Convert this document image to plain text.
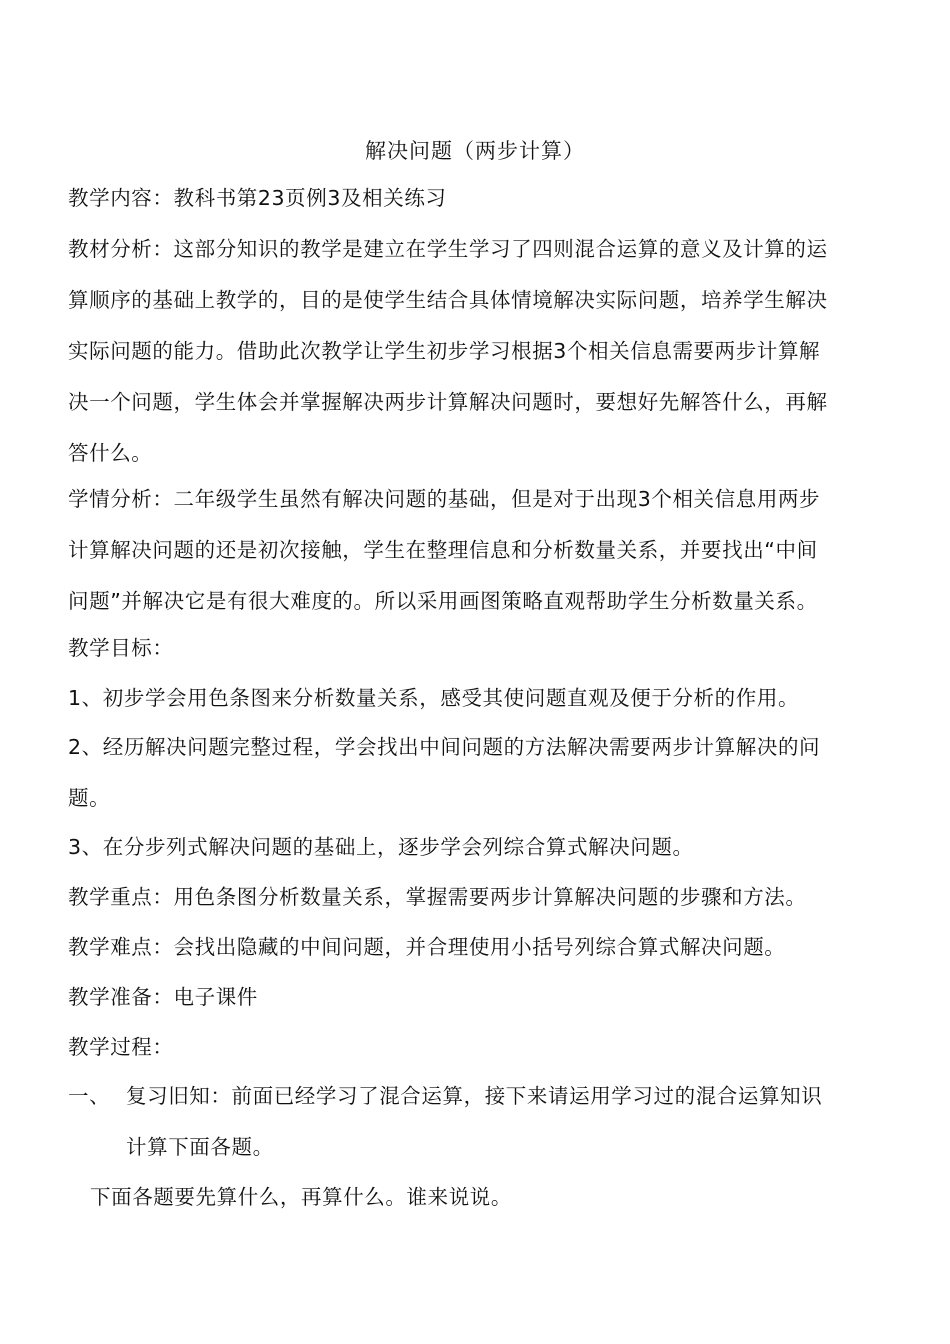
解决问题（两步计算）
教学内容：教科书第23页例3及相关练习
教材分析：这部分知识的教学是建立在学生学习了四则混合运算的意义及计算的运
算顺序的基础上教学的，目的是使学生结合具体情境解决实际问题，培养学生解决
实际问题的能力。借助此次教学让学生初步学习根据3个相关信息需要两步计算解
决一个问题，学生体会并掌握解决两步计算解决问题时，要想好先解答什么，再解
答什么。
学情分析：二年级学生虽然有解决问题的基础，但是对于出现3个相关信息用两步
计算解决问题的还是初次接触，学生在整理信息和分析数量关系，并要找出“中间
问题”并解决它是有很大难度的。所以采用画图策略直观帮助学生分析数量关系。
教学目标：
1、初步学会用色条图来分析数量关系，感受其使问题直观及便于分析的作用。
2、经历解决问题完整过程，学会找出中间问题的方法解决需要两步计算解决的问
题。
3、在分步列式解决问题的基础上，逐步学会列综合算式解决问题。
教学重点：用色条图分析数量关系，掌握需要两步计算解决问题的步骤和方法。
教学难点：会找出隐藏的中间问题，并合理使用小括号列综合算式解决问题。
教学准备：电子课件
教学过程：
一、 复习旧知：前面已经学习了混合运算，接下来请运用学习过的混合运算知识
计算下面各题。
下面各题要先算什么，再算什么。谁来说说。
